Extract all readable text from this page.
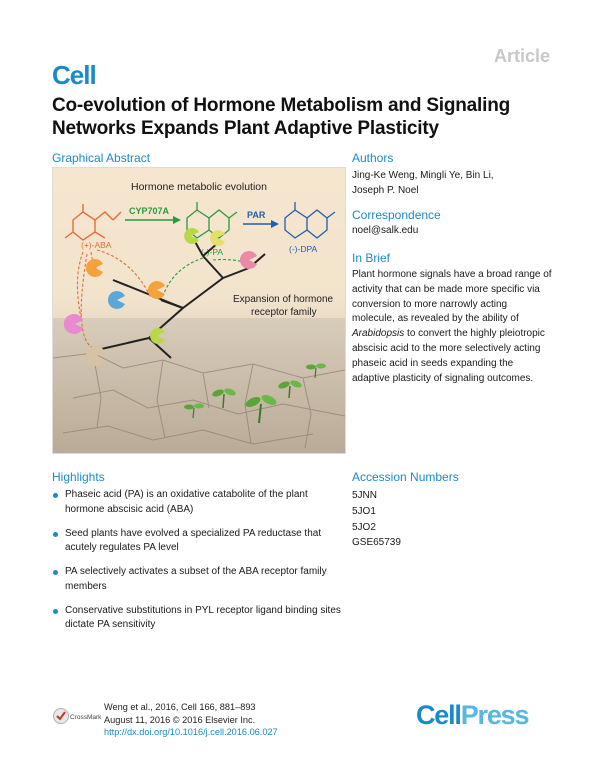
Cell
Article
Co-evolution of Hormone Metabolism and Signaling Networks Expands Plant Adaptive Plasticity
Graphical Abstract
Hormone metabolic evolution
(+)-ABA
CYP707A
(-)-PA
PAR
(-)-DPA
Expansion of hormone
receptor family
Authors
Jing-Ke Weng, Mingli Ye, Bin Li,
Joseph P. Noel
Correspondence
noel@salk.edu
In Brief
Plant hormone signals have a broad range of activity that can be made more specific via conversion to more narrowly acting molecule, as revealed by the ability of Arabidopsis to convert the highly pleiotropic abscisic acid to the more selectively acting phaseic acid in seeds expanding the adaptive plasticity of signaling outcomes.
Highlights
Phaseic acid (PA) is an oxidative catabolite of the plant hormone abscisic acid (ABA)
Seed plants have evolved a specialized PA reductase that acutely regulates PA level
PA selectively activates a subset of the ABA receptor family members
Conservative substitutions in PYL receptor ligand binding sites dictate PA sensitivity
Accession Numbers
5JNN
5JO1
5JO2
GSE65739
CrossMark
Weng et al., 2016, Cell 166, 881–893
August 11, 2016 © 2016 Elsevier Inc.
http://dx.doi.org/10.1016/j.cell.2016.06.027
CellPress
